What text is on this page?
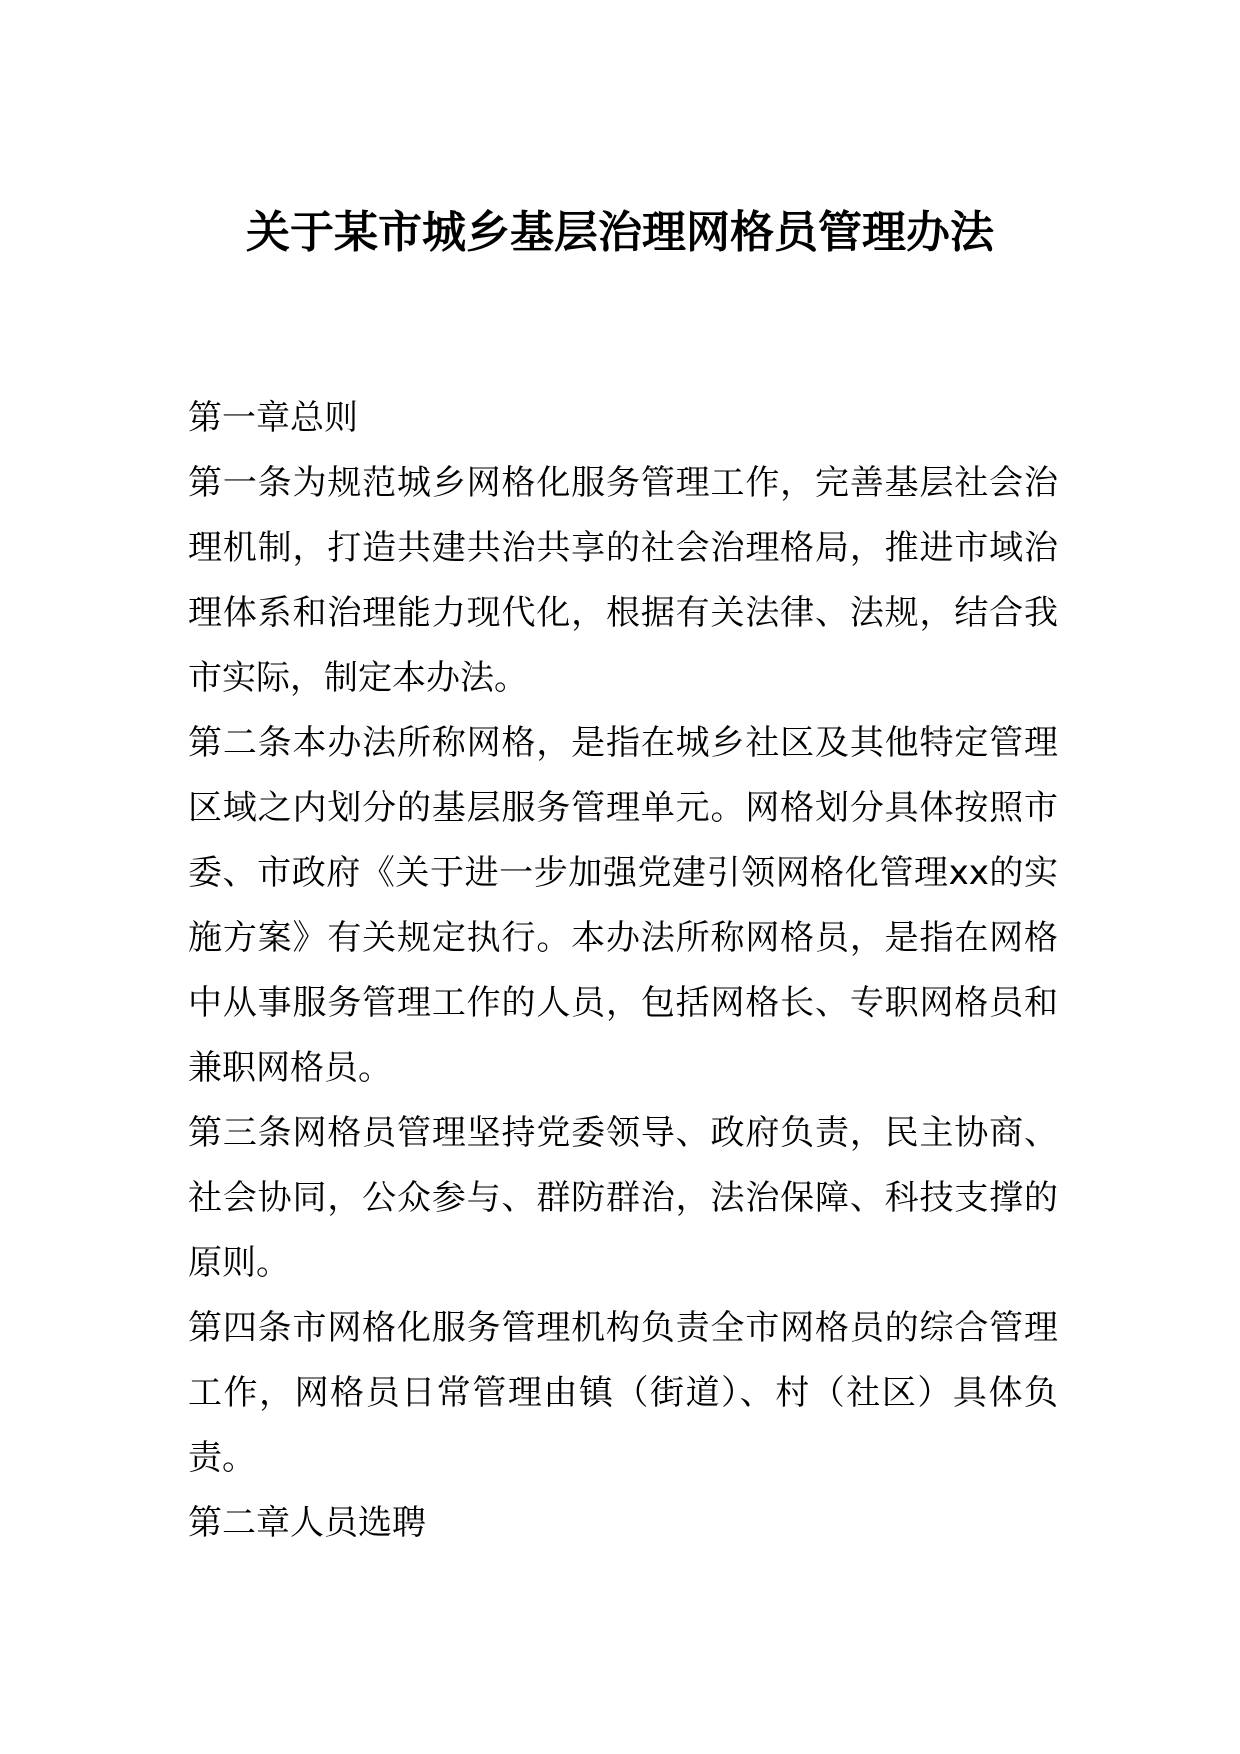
关于某市城乡基层治理网格员管理办法

第一章总则

第一条为规范城乡网格化服务管理工作，完善基层社会治理机制，打造共建共治共享的社会治理格局，推进市域治理体系和治理能力现代化，根据有关法律、法规，结合我市实际，制定本办法。

第二条本办法所称网格，是指在城乡社区及其他特定管理区域之内划分的基层服务管理单元。网格划分具体按照市委、市政府《关于进一步加强党建引领网格化管理xx的实施方案》有关规定执行。本办法所称网格员，是指在网格中从事服务管理工作的人员，包括网格长、专职网格员和兼职网格员。

第三条网格员管理坚持党委领导、政府负责，民主协商、社会协同，公众参与、群防群治，法治保障、科技支撑的原则。

第四条市网格化服务管理机构负责全市网格员的综合管理工作，网格员日常管理由镇（街道）、村（社区）具体负责。

第二章人员选聘
